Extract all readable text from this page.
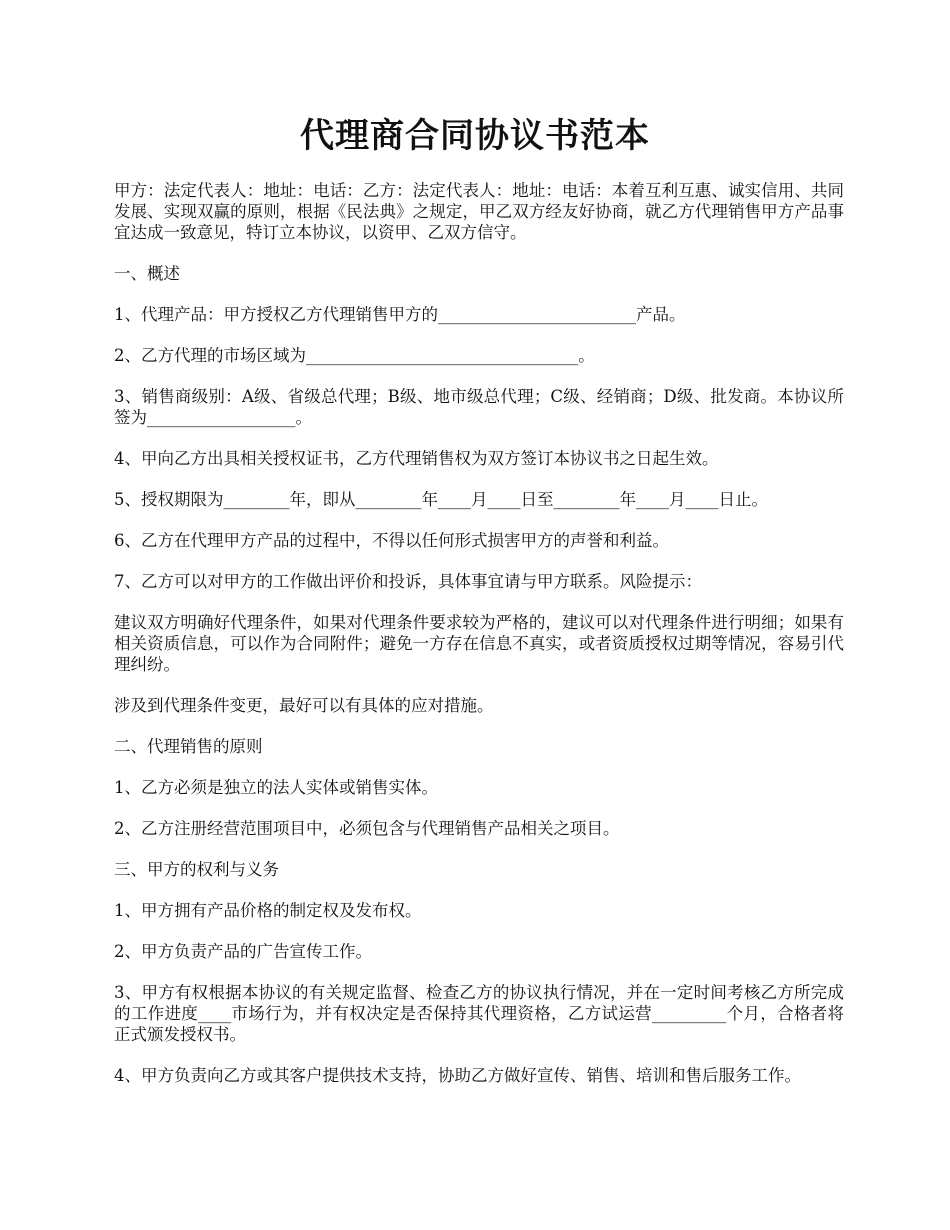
代理商合同协议书范本

甲方：法定代表人：地址：电话：乙方：法定代表人：地址：电话：本着互利互惠、诚实信用、共同发展、实现双赢的原则，根据《民法典》之规定，甲乙双方经友好协商，就乙方代理销售甲方产品事宜达成一致意见，特订立本协议，以资甲、乙双方信守。

一、概述

1、代理产品：甲方授权乙方代理销售甲方的________________________产品。

2、乙方代理的市场区域为_________________________________。

3、销售商级别：A级、省级总代理；B级、地市级总代理；C级、经销商；D级、批发商。本协议所签为__________________。

4、甲向乙方出具相关授权证书，乙方代理销售权为双方签订本协议书之日起生效。

5、授权期限为________年，即从________年____月____日至________年____月____日止。

6、乙方在代理甲方产品的过程中，不得以任何形式损害甲方的声誉和利益。

7、乙方可以对甲方的工作做出评价和投诉，具体事宜请与甲方联系。风险提示：

建议双方明确好代理条件，如果对代理条件要求较为严格的，建议可以对代理条件进行明细；如果有相关资质信息，可以作为合同附件；避免一方存在信息不真实，或者资质授权过期等情况，容易引代理纠纷。

涉及到代理条件变更，最好可以有具体的应对措施。

二、代理销售的原则

1、乙方必须是独立的法人实体或销售实体。

2、乙方注册经营范围项目中，必须包含与代理销售产品相关之项目。

三、甲方的权利与义务

1、甲方拥有产品价格的制定权及发布权。

2、甲方负责产品的广告宣传工作。

3、甲方有权根据本协议的有关规定监督、检查乙方的协议执行情况，并在一定时间考核乙方所完成的工作进度____市场行为，并有权决定是否保持其代理资格，乙方试运营_________个月，合格者将正式颁发授权书。

4、甲方负责向乙方或其客户提供技术支持，协助乙方做好宣传、销售、培训和售后服务工作。
